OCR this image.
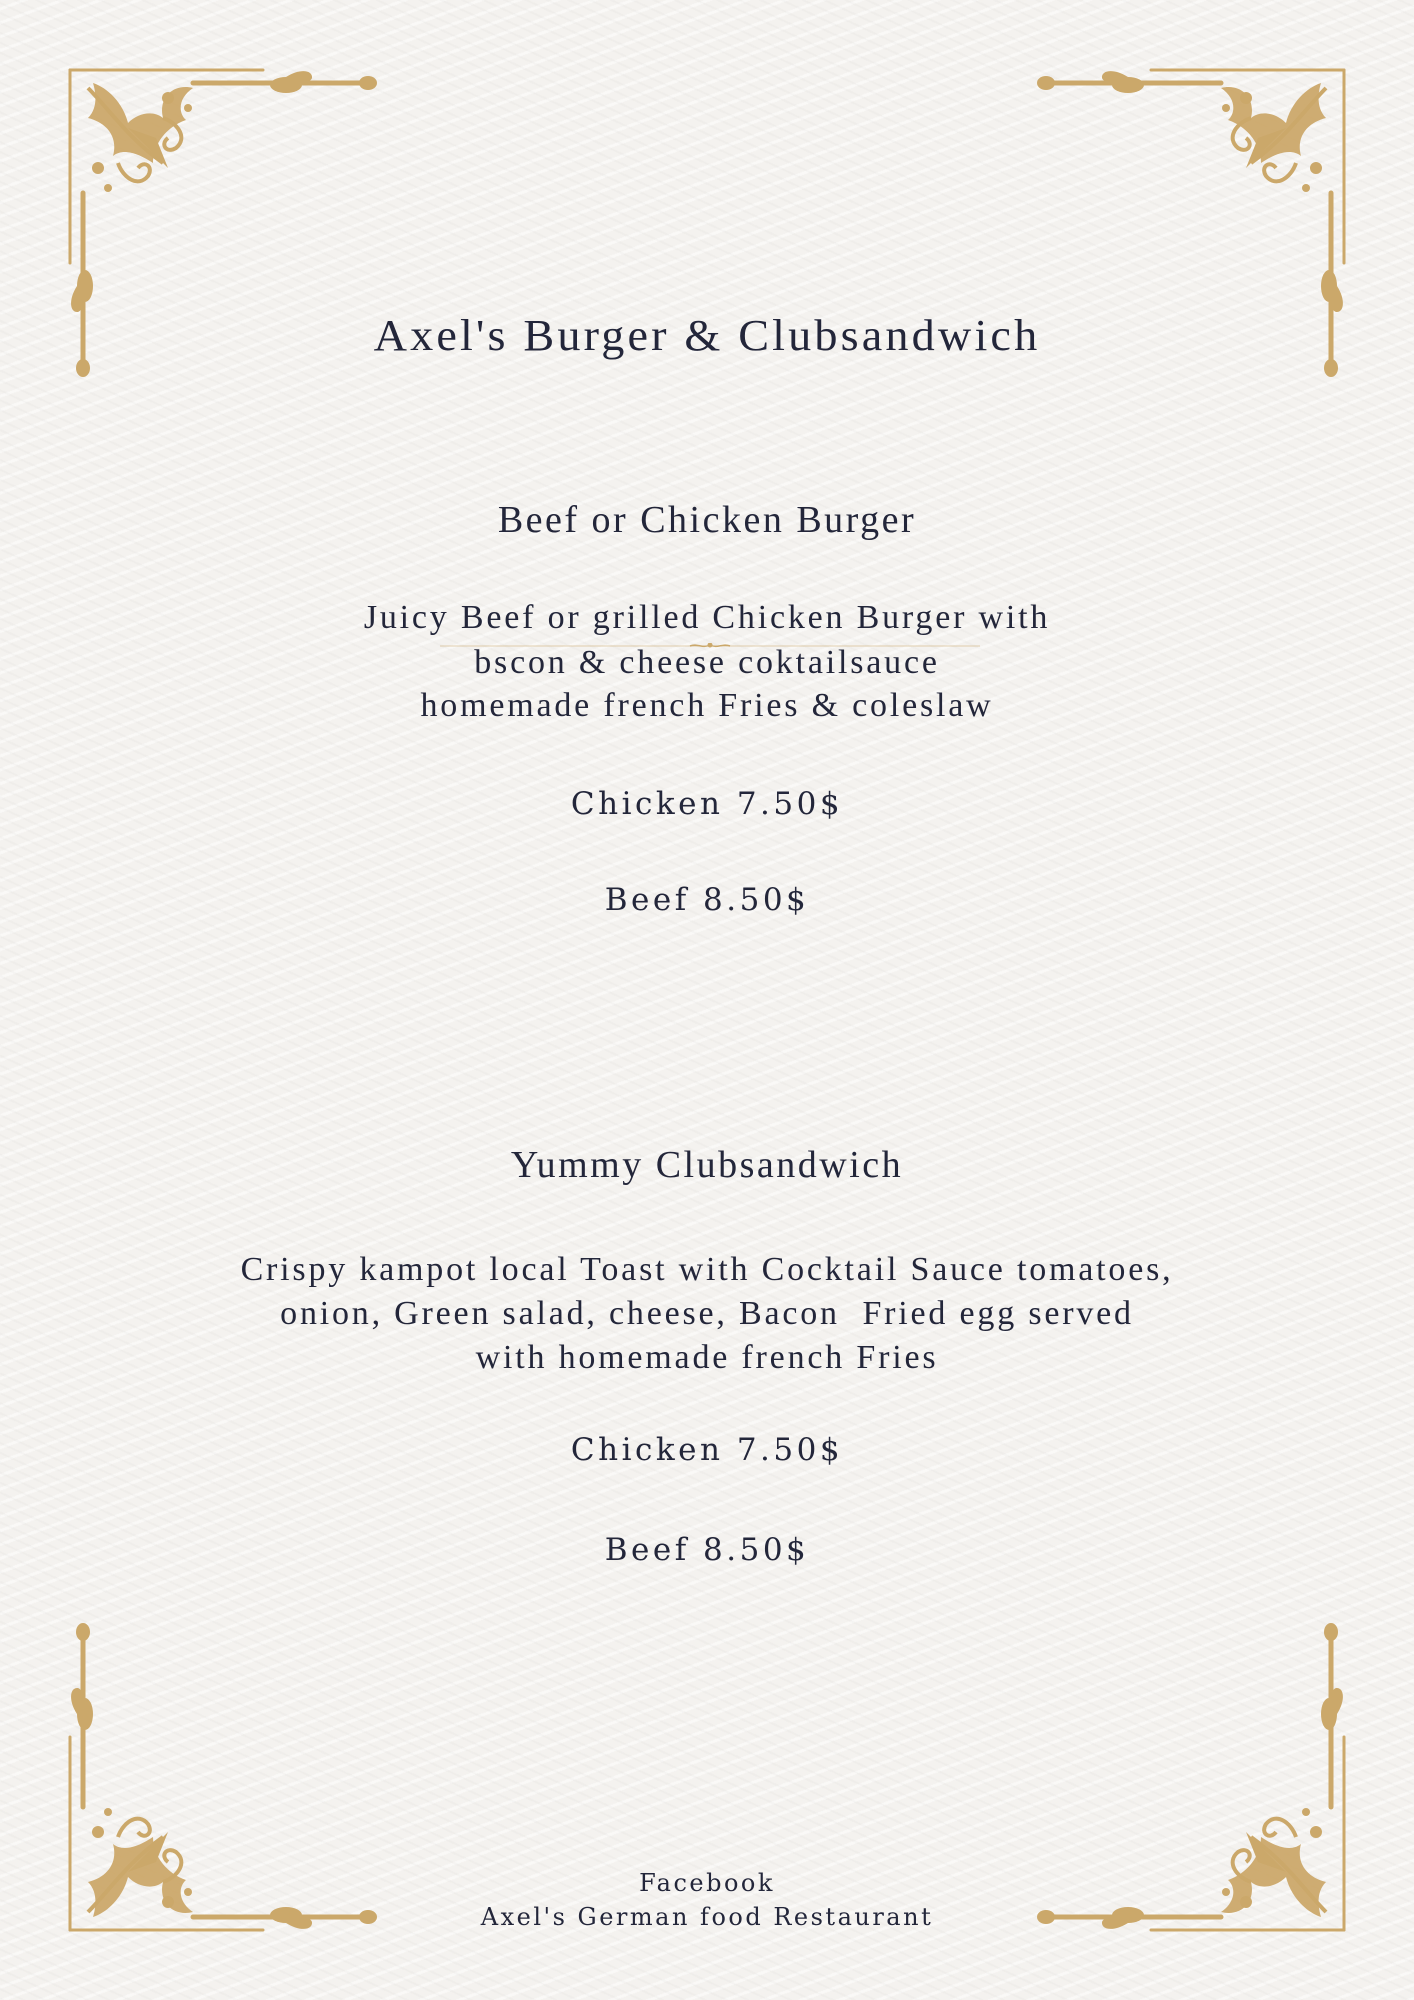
Axel's Burger & Clubsandwich
Beef or Chicken Burger
Juicy Beef or grilled Chicken Burger with
bscon & cheese coktailsauce
homemade french Fries & coleslaw
Chicken 7.50$
Beef 8.50$
Yummy Clubsandwich
Crispy kampot local Toast with Cocktail Sauce tomatoes,
onion, Green salad, cheese, Bacon  Fried egg served
with homemade french Fries
Chicken 7.50$
Beef 8.50$
Facebook
Axel's German food Restaurant
